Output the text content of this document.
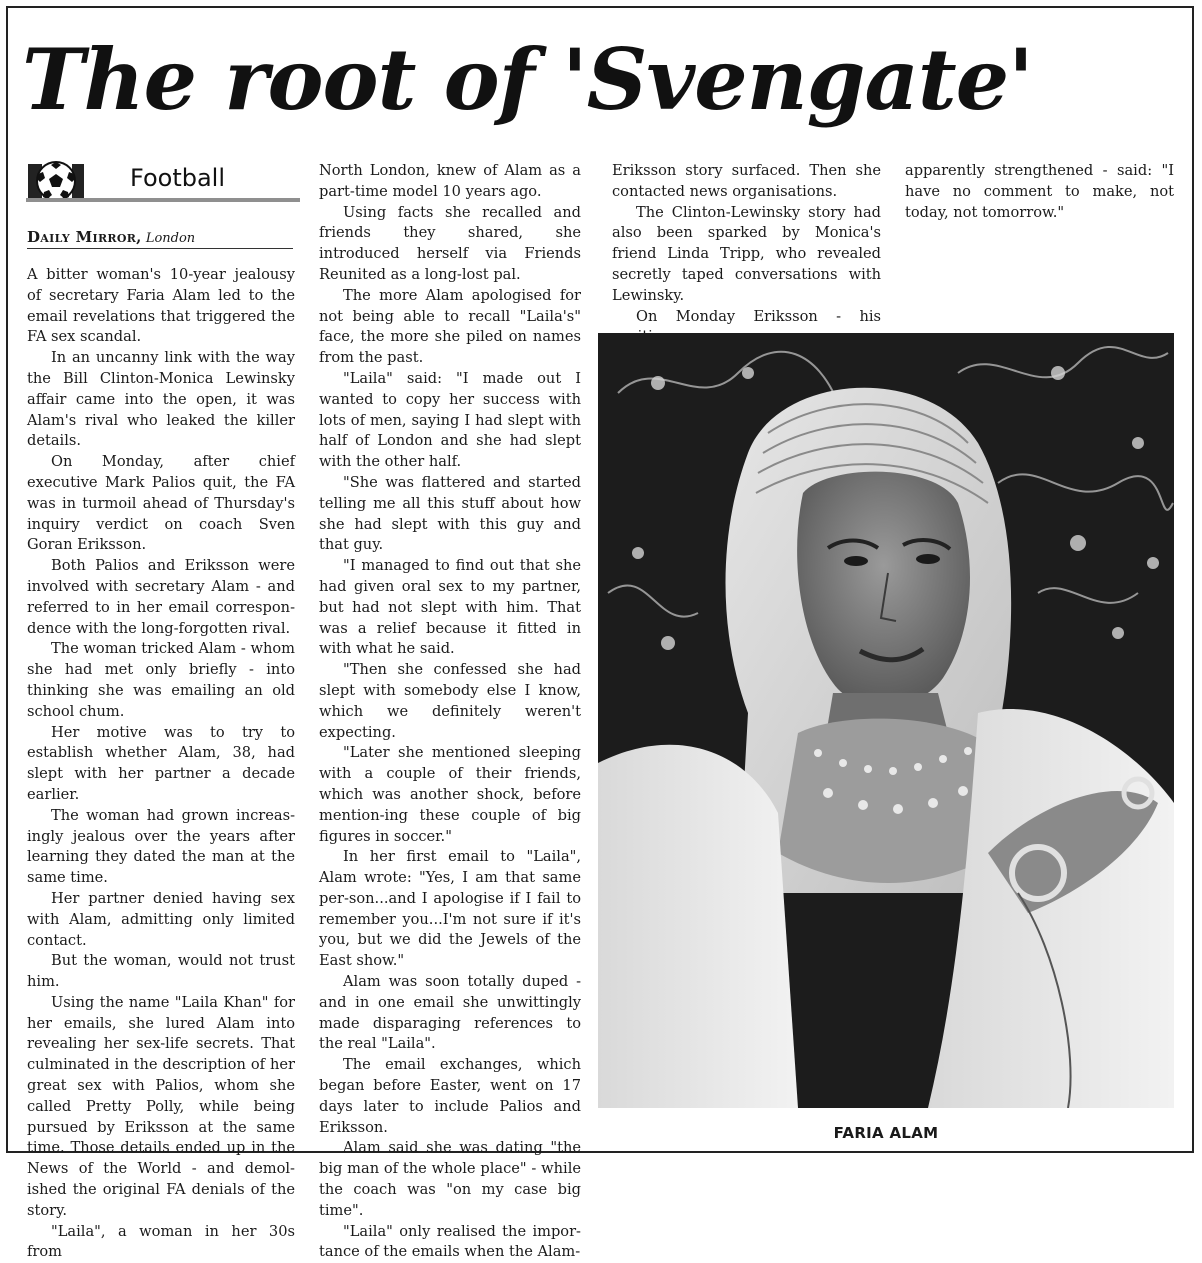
The root of 'Svengate'
Football
Daily Mirror, London

A bitter woman's 10-year jealousy of secretary Faria Alam led to the email revelations that triggered the FA sex scandal.

In an uncanny link with the way the Bill Clinton-Monica Lewinsky affair came into the open, it was Alam's rival who leaked the killer details.

On Monday, after chief executive Mark Palios quit, the FA was in turmoil ahead of Thursday's inquiry verdict on coach Sven Goran Eriksson.

Both Palios and Eriksson were involved with secretary Alam - and referred to in her email correspon-dence with the long-forgotten rival.

The woman tricked Alam - whom she had met only briefly - into thinking she was emailing an old school chum.

Her motive was to try to establish whether Alam, 38, had slept with her partner a decade earlier.

The woman had grown increas-ingly jealous over the years after learning they dated the man at the same time.

Her partner denied having sex with Alam, admitting only limited contact.

But the woman, would not trust him.

Using the name "Laila Khan" for her emails, she lured Alam into revealing her sex-life secrets. That culminated in the description of her great sex with Palios, whom she called Pretty Polly, while being pursued by Eriksson at the same time. Those details ended up in the News of the World - and demol-ished the original FA denials of the story.

"Laila", a woman in her 30s from

North London, knew of Alam as a part-time model 10 years ago.

Using facts she recalled and friends they shared, she introduced herself via Friends Reunited as a long-lost pal.

The more Alam apologised for not being able to recall "Laila's" face, the more she piled on names from the past.

"Laila" said: "I made out I wanted to copy her success with lots of men, saying I had slept with half of London and she had slept with the other half.

"She was flattered and started telling me all this stuff about how she had slept with this guy and that guy.

"I managed to find out that she had given oral sex to my partner, but had not slept with him. That was a relief because it fitted in with what he said.

"Then she confessed she had slept with somebody else I know, which we definitely weren't expecting.

"Later she mentioned sleeping with a couple of their friends, which was another shock, before mention-ing these couple of big figures in soccer."

In her first email to "Laila", Alam wrote: "Yes, I am that same per-son...and I apologise if I fail to remember you...I'm not sure if it's you, but we did the Jewels of the East show."

Alam was soon totally duped - and in one email she unwittingly made disparaging references to the real "Laila".

The email exchanges, which began before Easter, went on 17 days later to include Palios and Eriksson.

Alam said she was dating "the big man of the whole place" - while the coach was "on my case big time".

"Laila" only realised the impor-tance of the emails when the Alam-

Eriksson story surfaced. Then she contacted news organisations.

The Clinton-Lewinsky story had also been sparked by Monica's friend Linda Tripp, who revealed secretly taped conversations with Lewinsky.

On Monday Eriksson - his

apparently strengthened - said: "I have no comment to make, not today, not tomorrow."

FARIA ALAM
